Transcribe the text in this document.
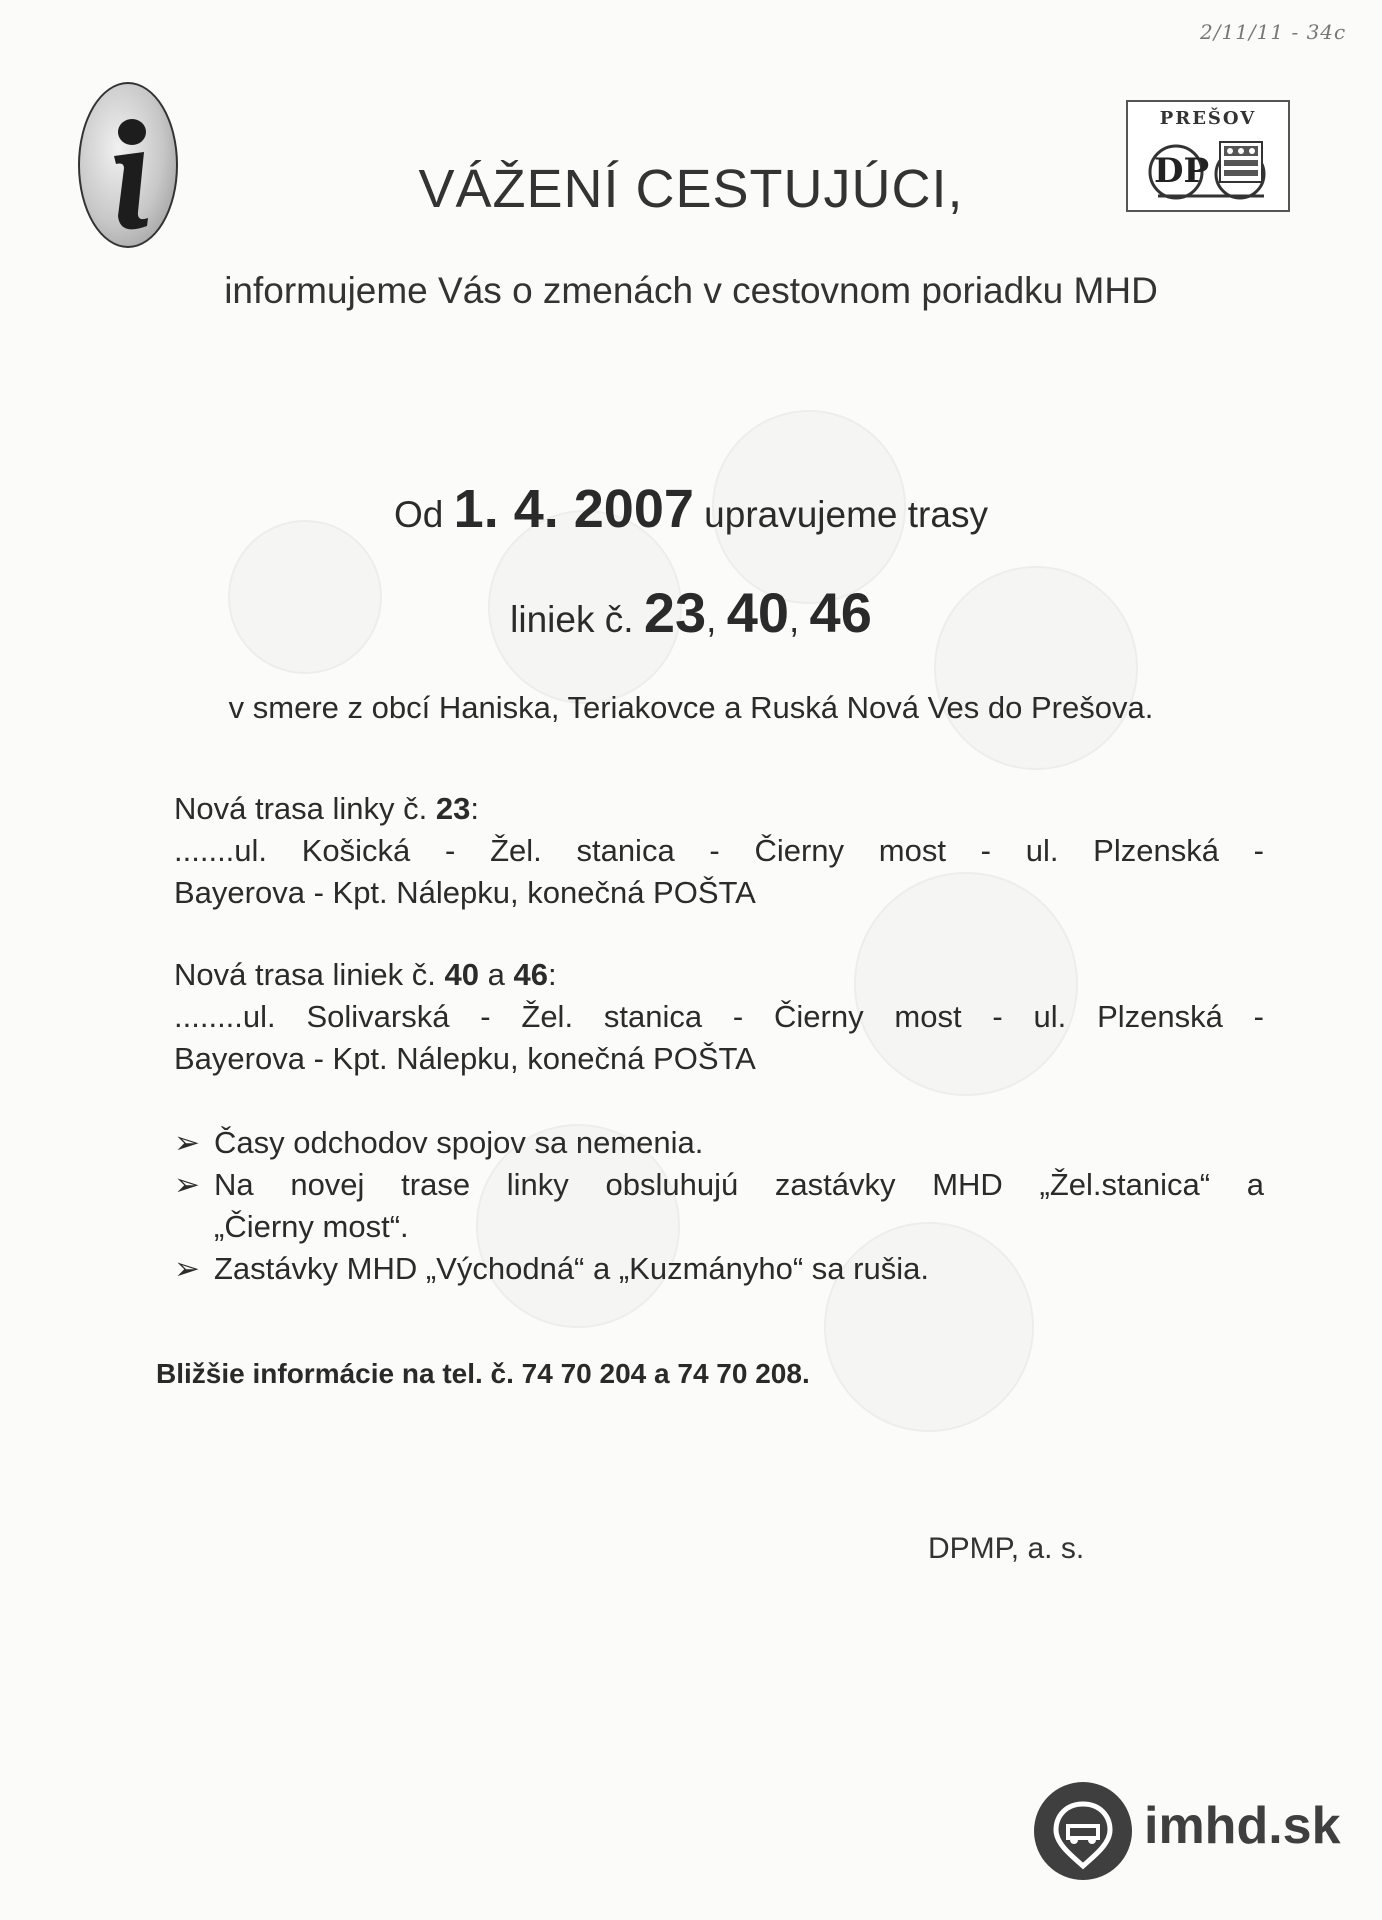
2/11/11 - 34c
PREŠOV
DP
VÁŽENÍ CESTUJÚCI,
informujeme Vás o zmenách v cestovnom poriadku MHD
Od 1. 4. 2007 upravujeme trasy
liniek č. 23, 40, 46
v smere z obcí Haniska, Teriakovce a Ruská Nová Ves do Prešova.
Nová trasa linky č. 23:
.......ul. Košická - Žel. stanica - Čierny most - ul. Plzenská -
Bayerova - Kpt. Nálepku, konečná POŠTA
Nová trasa liniek č. 40 a 46:
........ul. Solivarská - Žel. stanica - Čierny most - ul. Plzenská -
Bayerova - Kpt. Nálepku, konečná POŠTA
➢ Časy odchodov spojov sa nemenia.
➢ Na novej trase linky obsluhujú zastávky MHD „Žel.stanica“ a
„Čierny most“.
➢ Zastávky MHD „Východná“ a „Kuzmányho“ sa rušia.
Bližšie informácie na tel. č. 74 70 204 a 74 70 208.
DPMP, a. s.
imhd.sk
